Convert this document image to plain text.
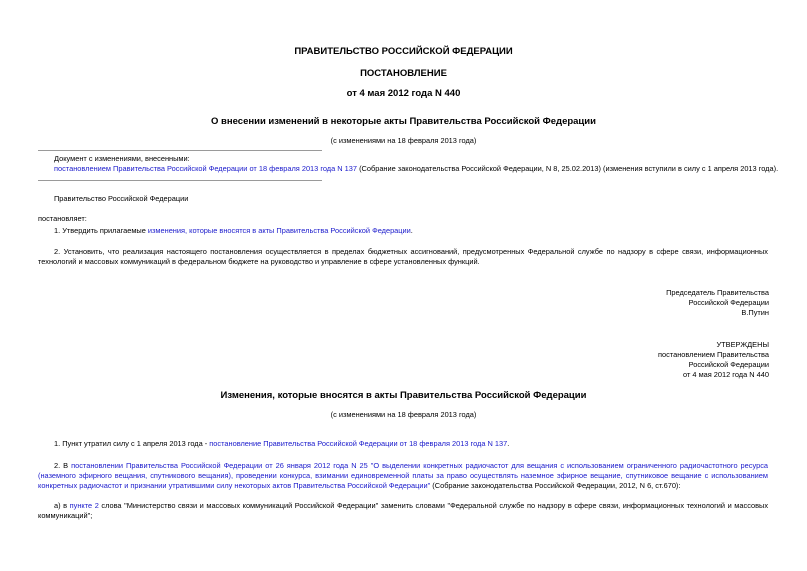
ПРАВИТЕЛЬСТВО РОССИЙСКОЙ ФЕДЕРАЦИИ
ПОСТАНОВЛЕНИЕ
от 4 мая 2012 года N 440
О внесении изменений в некоторые акты Правительства Российской Федерации
(с изменениями на 18 февраля 2013 года)
Документ с изменениями, внесенными:
постановлением Правительства Российской Федерации от 18 февраля 2013 года N 137 (Собрание законодательства Российской Федерации, N 8, 25.02.2013) (изменения вступили в силу с 1 апреля 2013 года).
Правительство Российской Федерации
постановляет:
1. Утвердить прилагаемые изменения, которые вносятся в акты Правительства Российской Федерации.
2. Установить, что реализация настоящего постановления осуществляется в пределах бюджетных ассигнований, предусмотренных Федеральной службе по надзору в сфере связи, информационных технологий и массовых коммуникаций в федеральном бюджете на руководство и управление в сфере установленных функций.
Председатель Правительства
Российской Федерации
В.Путин
УТВЕРЖДЕНЫ
постановлением Правительства
Российской Федерации
от 4 мая 2012 года N 440
Изменения, которые вносятся в акты Правительства Российской Федерации
(с изменениями на 18 февраля 2013 года)
1. Пункт утратил силу с 1 апреля 2013 года - постановление Правительства Российской Федерации от 18 февраля 2013 года N 137.
2. В постановлении Правительства Российской Федерации от 26 января 2012 года N 25 "О выделении конкретных радиочастот для вещания с использованием ограниченного радиочастотного ресурса (наземного эфирного вещания, спутникового вещания), проведении конкурса, взимании единовременной платы за право осуществлять наземное эфирное вещание, спутниковое вещание с использованием конкретных радиочастот и признании утратившими силу некоторых актов Правительства Российской Федерации" (Собрание законодательства Российской Федерации, 2012, N 6, ст.670):
а) в пункте 2 слова "Министерство связи и массовых коммуникаций Российской Федерации" заменить словами "Федеральной службе по надзору в сфере связи, информационных технологий и массовых коммуникаций";
